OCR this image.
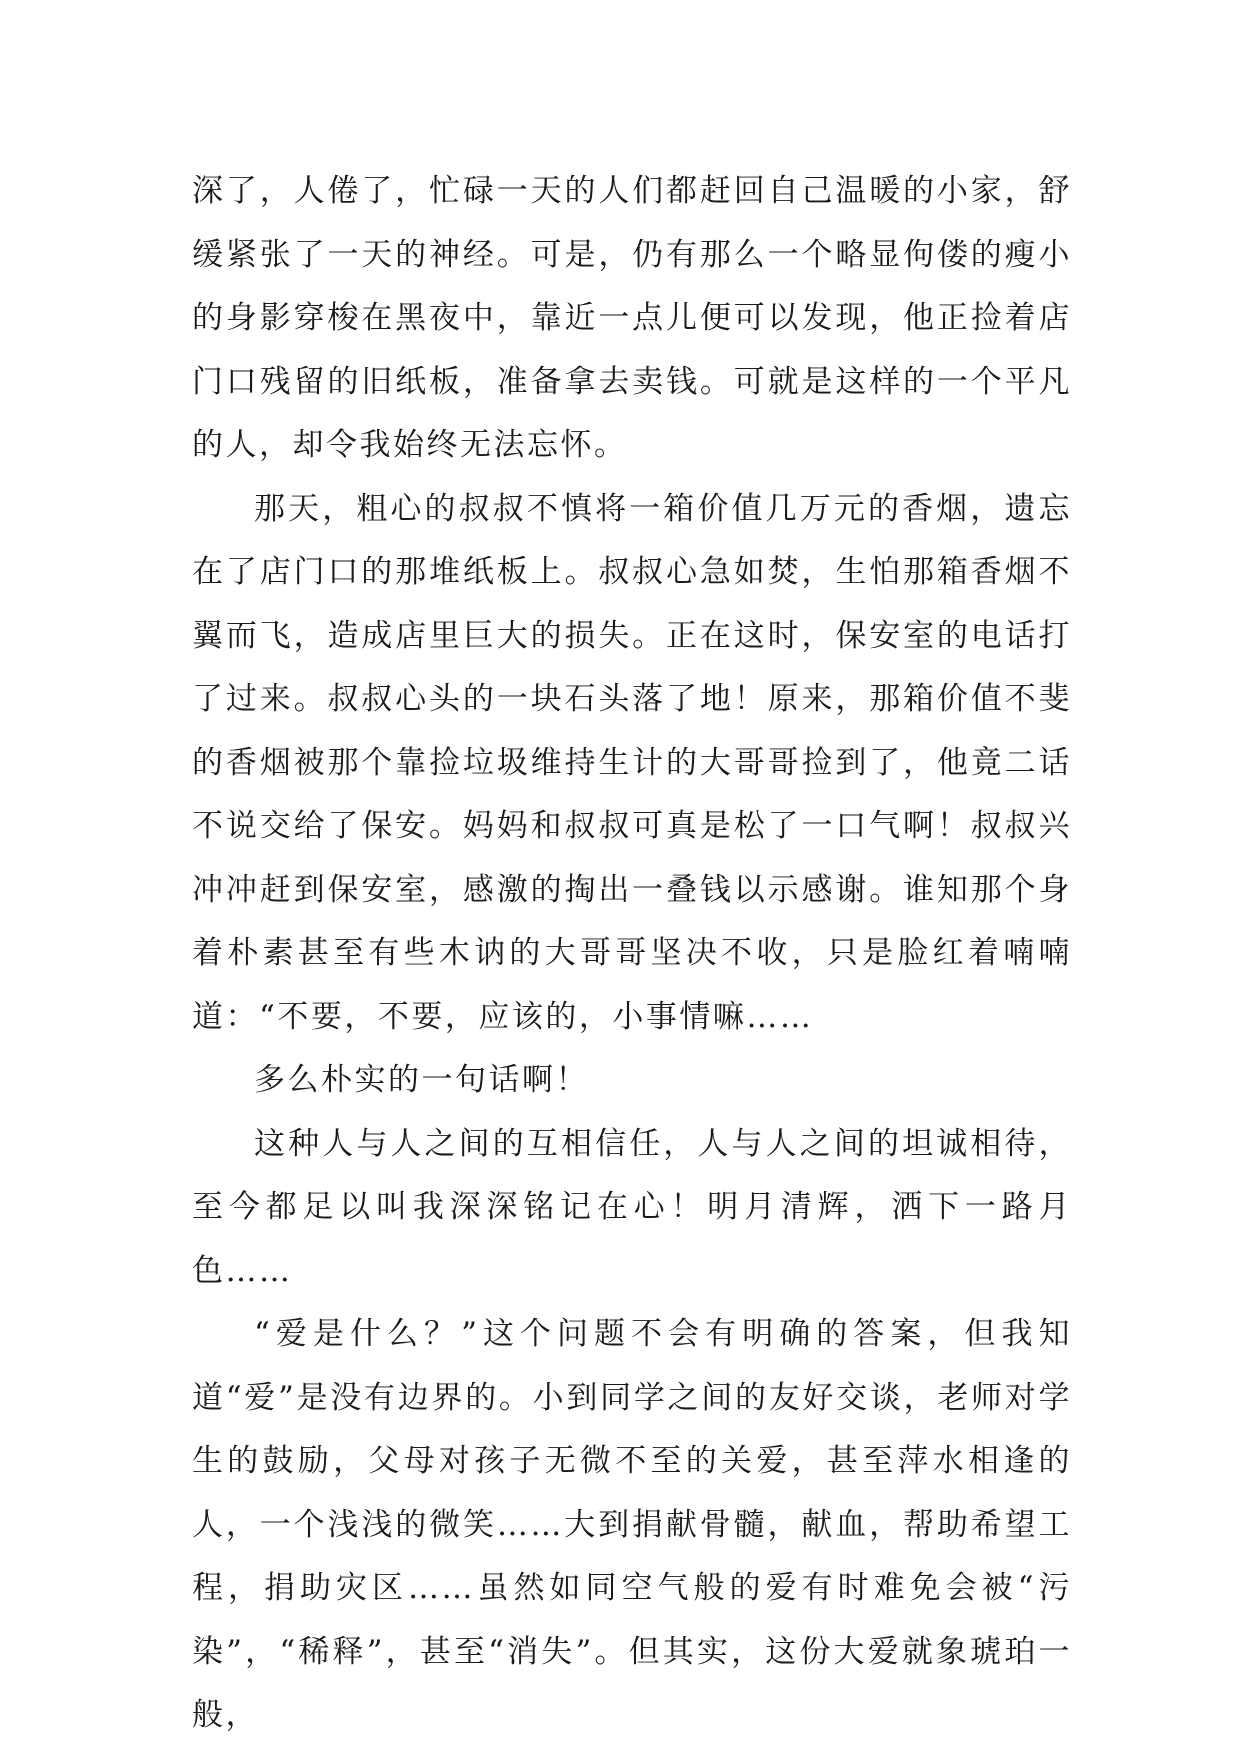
深了，人倦了，忙碌一天的人们都赶回自己温暖的小家，舒缓紧张了一天的神经。可是，仍有那么一个略显佝偻的瘦小的身影穿梭在黑夜中，靠近一点儿便可以发现，他正捡着店门口残留的旧纸板，准备拿去卖钱。可就是这样的一个平凡的人，却令我始终无法忘怀。

那天，粗心的叔叔不慎将一箱价值几万元的香烟，遗忘在了店门口的那堆纸板上。叔叔心急如焚，生怕那箱香烟不翼而飞，造成店里巨大的损失。正在这时，保安室的电话打了过来。叔叔心头的一块石头落了地！原来，那箱价值不斐的香烟被那个靠捡垃圾维持生计的大哥哥捡到了，他竟二话不说交给了保安。妈妈和叔叔可真是松了一口气啊！叔叔兴冲冲赶到保安室，感激的掏出一叠钱以示感谢。谁知那个身着朴素甚至有些木讷的大哥哥坚决不收，只是脸红着喃喃道：“不要，不要，应该的，小事情嘛……

多么朴实的一句话啊！

这种人与人之间的互相信任，人与人之间的坦诚相待，至今都足以叫我深深铭记在心！明月清辉，洒下一路月色……

“爱是什么？”这个问题不会有明确的答案，但我知道“爱”是没有边界的。小到同学之间的友好交谈，老师对学生的鼓励，父母对孩子无微不至的关爱，甚至萍水相逢的人，一个浅浅的微笑……大到捐献骨髓，献血，帮助希望工程，捐助灾区……虽然如同空气般的爱有时难免会被“污染”，“稀释”，甚至“消失”。但其实，这份大爱就象琥珀一般，
